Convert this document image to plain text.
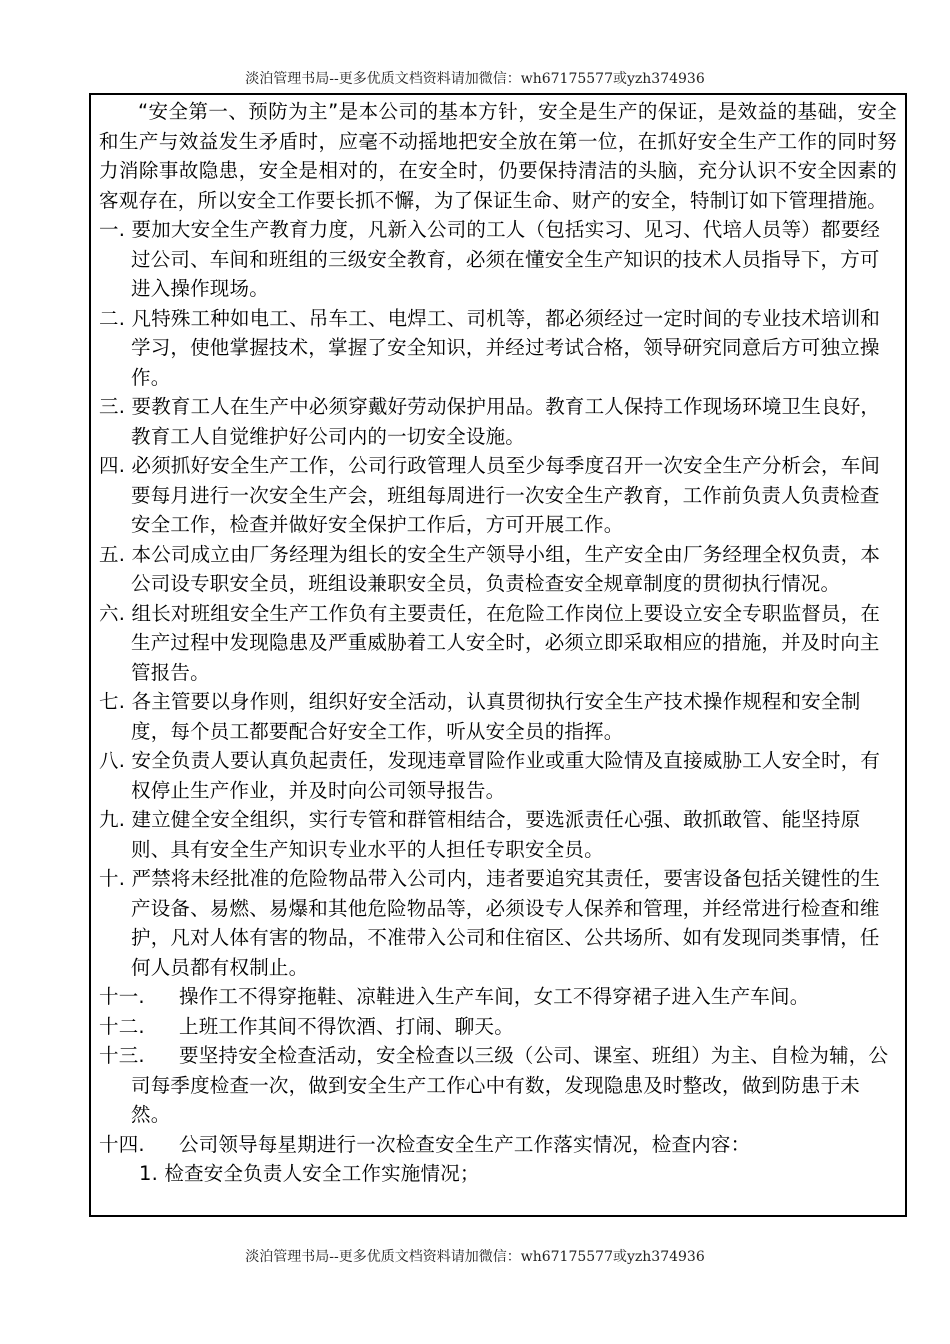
淡泊管理书局--更多优质文档资料请加微信：wh67175577或yzh374936

“安全第一、预防为主”是本公司的基本方针，安全是生产的保证，是效益的基础，安全和生产与效益发生矛盾时，应毫不动摇地把安全放在第一位，在抓好安全生产工作的同时努力消除事故隐患，安全是相对的，在安全时，仍要保持清洁的头脑，充分认识不安全因素的客观存在，所以安全工作要长抓不懈，为了保证生命、财产的安全，特制订如下管理措施。

一. 要加大安全生产教育力度，凡新入公司的工人（包括实习、见习、代培人员等）都要经过公司、车间和班组的三级安全教育，必须在懂安全生产知识的技术人员指导下，方可进入操作现场。
二. 凡特殊工种如电工、吊车工、电焊工、司机等，都必须经过一定时间的专业技术培训和学习，使他掌握技术，掌握了安全知识，并经过考试合格，领导研究同意后方可独立操作。
三. 要教育工人在生产中必须穿戴好劳动保护用品。教育工人保持工作现场环境卫生良好，教育工人自觉维护好公司内的一切安全设施。
四. 必须抓好安全生产工作，公司行政管理人员至少每季度召开一次安全生产分析会，车间要每月进行一次安全生产会，班组每周进行一次安全生产教育，工作前负责人负责检查安全工作，检查并做好安全保护工作后，方可开展工作。
五. 本公司成立由厂务经理为组长的安全生产领导小组，生产安全由厂务经理全权负责，本公司设专职安全员，班组设兼职安全员，负责检查安全规章制度的贯彻执行情况。
六. 组长对班组安全生产工作负有主要责任，在危险工作岗位上要设立安全专职监督员，在生产过程中发现隐患及严重威胁着工人安全时，必须立即采取相应的措施，并及时向主管报告。
七. 各主管要以身作则，组织好安全活动，认真贯彻执行安全生产技术操作规程和安全制度，每个员工都要配合好安全工作，听从安全员的指挥。
八. 安全负责人要认真负起责任，发现违章冒险作业或重大险情及直接威胁工人安全时，有权停止生产作业，并及时向公司领导报告。
九. 建立健全安全组织，实行专管和群管相结合，要选派责任心强、敢抓敢管、能坚持原则、具有安全生产知识专业水平的人担任专职安全员。
十. 严禁将未经批准的危险物品带入公司内，违者要追究其责任，要害设备包括关键性的生产设备、易燃、易爆和其他危险物品等，必须设专人保养和管理，并经常进行检查和维护，凡对人体有害的物品，不准带入公司和住宿区、公共场所、如有发现同类事情，任何人员都有权制止。
十一. 操作工不得穿拖鞋、凉鞋进入生产车间，女工不得穿裙子进入生产车间。
十二. 上班工作其间不得饮酒、打闹、聊天。
十三. 要坚持安全检查活动，安全检查以三级（公司、课室、班组）为主、自检为辅，公司每季度检查一次，做到安全生产工作心中有数，发现隐患及时整改，做到防患于未然。
十四. 公司领导每星期进行一次检查安全生产工作落实情况，检查内容：
1. 检查安全负责人安全工作实施情况；
淡泊管理书局--更多优质文档资料请加微信：wh67175577或yzh374936
